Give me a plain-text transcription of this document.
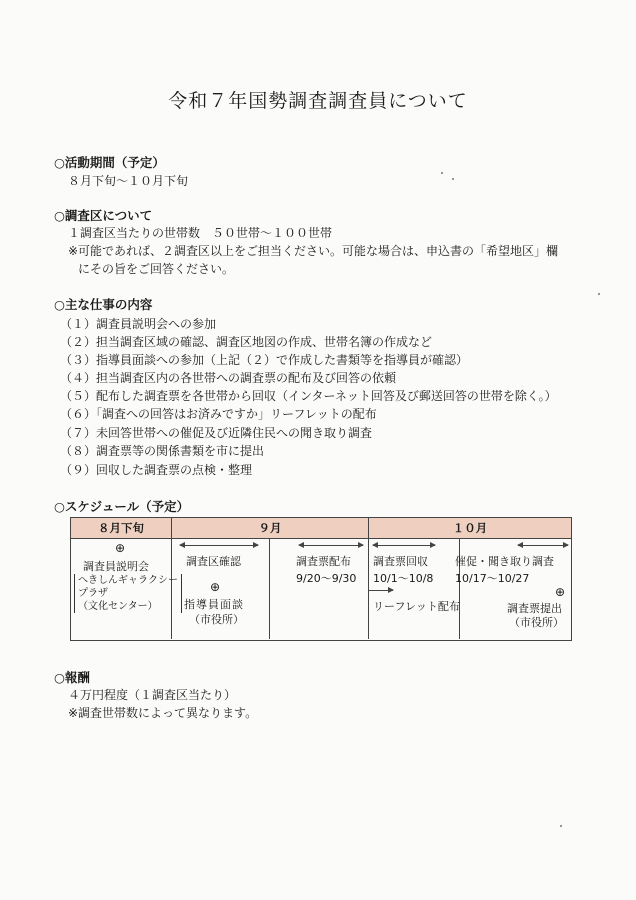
令和７年国勢調査調査員について
○活動期間（予定）
８月下旬～１０月下旬
○調査区について
１調査区当たりの世帯数　５０世帯～１００世帯
※可能であれば、２調査区以上をご担当ください。可能な場合は、申込書の「希望地区」欄
にその旨をご回答ください。
○主な仕事の内容
（１）調査員説明会への参加
（２）担当調査区域の確認、調査区地図の作成、世帯名簿の作成など
（３）指導員面談への参加（上記（２）で作成した書類等を指導員が確認）
（４）担当調査区内の各世帯への調査票の配布及び回答の依頼
（５）配布した調査票を各世帯から回収（インターネット回答及び郵送回答の世帯を除く。）
（６）「調査への回答はお済みですか」リーフレットの配布
（７）未回答世帯への催促及び近隣住民への聞き取り調査
（８）調査票等の関係書類を市に提出
（９）回収した調査票の点検・整理
○スケジュール（予定）
８月下旬	９月	１０月
⊕
調査員説明会
へきしんギャラクシー
プラザ
（文化センター）
調査区確認
⊕
指導員面談
（市役所）
調査票配布
9/20～9/30
調査票回収
10/1～10/8
リーフレット配布
催促・聞き取り調査
10/17～10/27
⊕
調査票提出
（市役所）
○報酬
４万円程度（１調査区当たり）
※調査世帯数によって異なります。
